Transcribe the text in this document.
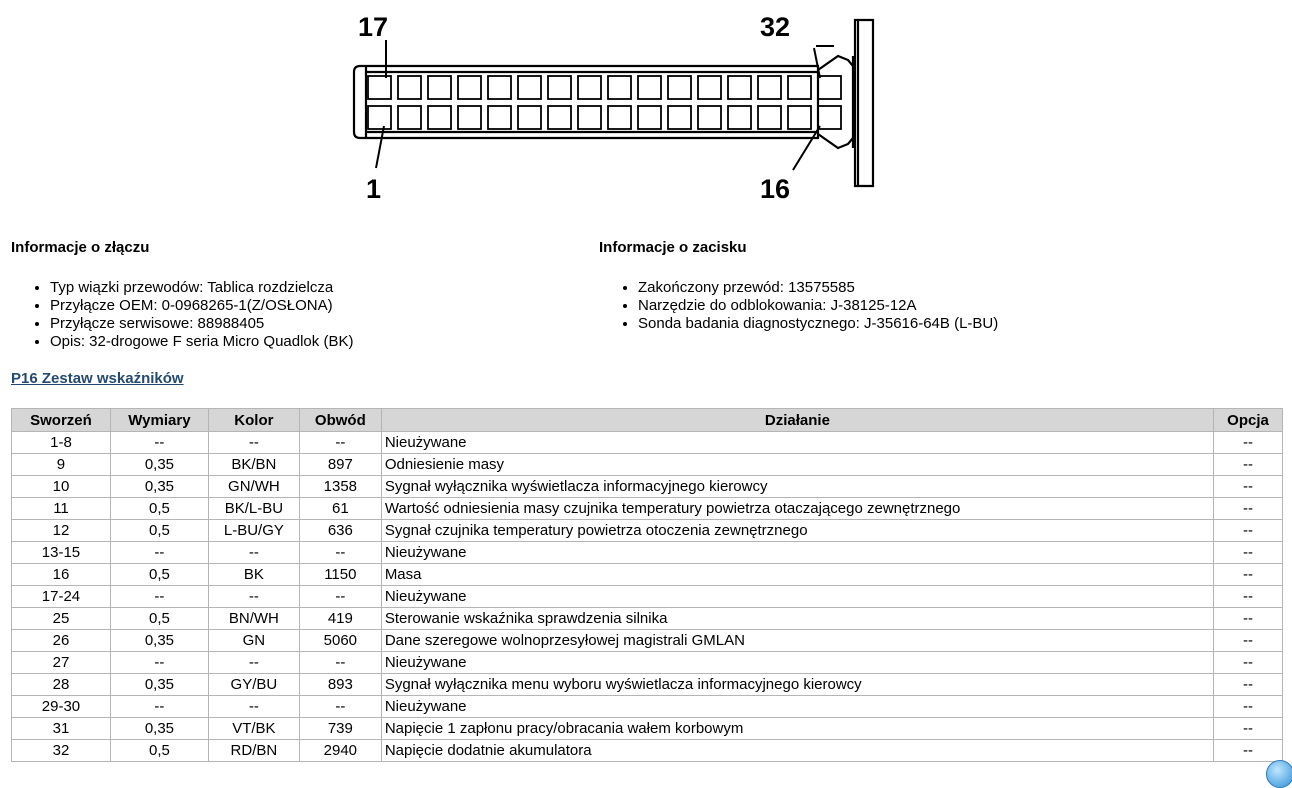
17	32
1	16
Informacje o złączu
• Typ wiązki przewodów: Tablica rozdzielcza
• Przyłącze OEM: 0-0968265-1(Z/OSŁONA)
• Przyłącze serwisowe: 88988405
• Opis: 32-drogowe F seria Micro Quadlok (BK)
Informacje o zacisku
• Zakończony przewód: 13575585
• Narzędzie do odblokowania: J-38125-12A
• Sonda badania diagnostycznego: J-35616-64B (L-BU)
P16 Zestaw wskaźników
Sworzeń	Wymiary	Kolor	Obwód	Działanie	Opcja
1-8	--	--	--	Nieużywane	--
9	0,35	BK/BN	897	Odniesienie masy	--
10	0,35	GN/WH	1358	Sygnał wyłącznika wyświetlacza informacyjnego kierowcy	--
11	0,5	BK/L-BU	61	Wartość odniesienia masy czujnika temperatury powietrza otaczającego zewnętrznego	--
12	0,5	L-BU/GY	636	Sygnał czujnika temperatury powietrza otoczenia zewnętrznego	--
13-15	--	--	--	Nieużywane	--
16	0,5	BK	1150	Masa	--
17-24	--	--	--	Nieużywane	--
25	0,5	BN/WH	419	Sterowanie wskaźnika sprawdzenia silnika	--
26	0,35	GN	5060	Dane szeregowe wolnoprzesyłowej magistrali GMLAN	--
27	--	--	--	Nieużywane	--
28	0,35	GY/BU	893	Sygnał wyłącznika menu wyboru wyświetlacza informacyjnego kierowcy	--
29-30	--	--	--	Nieużywane	--
31	0,35	VT/BK	739	Napięcie 1 zapłonu pracy/obracania wałem korbowym	--
32	0,5	RD/BN	2940	Napięcie dodatnie akumulatora	--
